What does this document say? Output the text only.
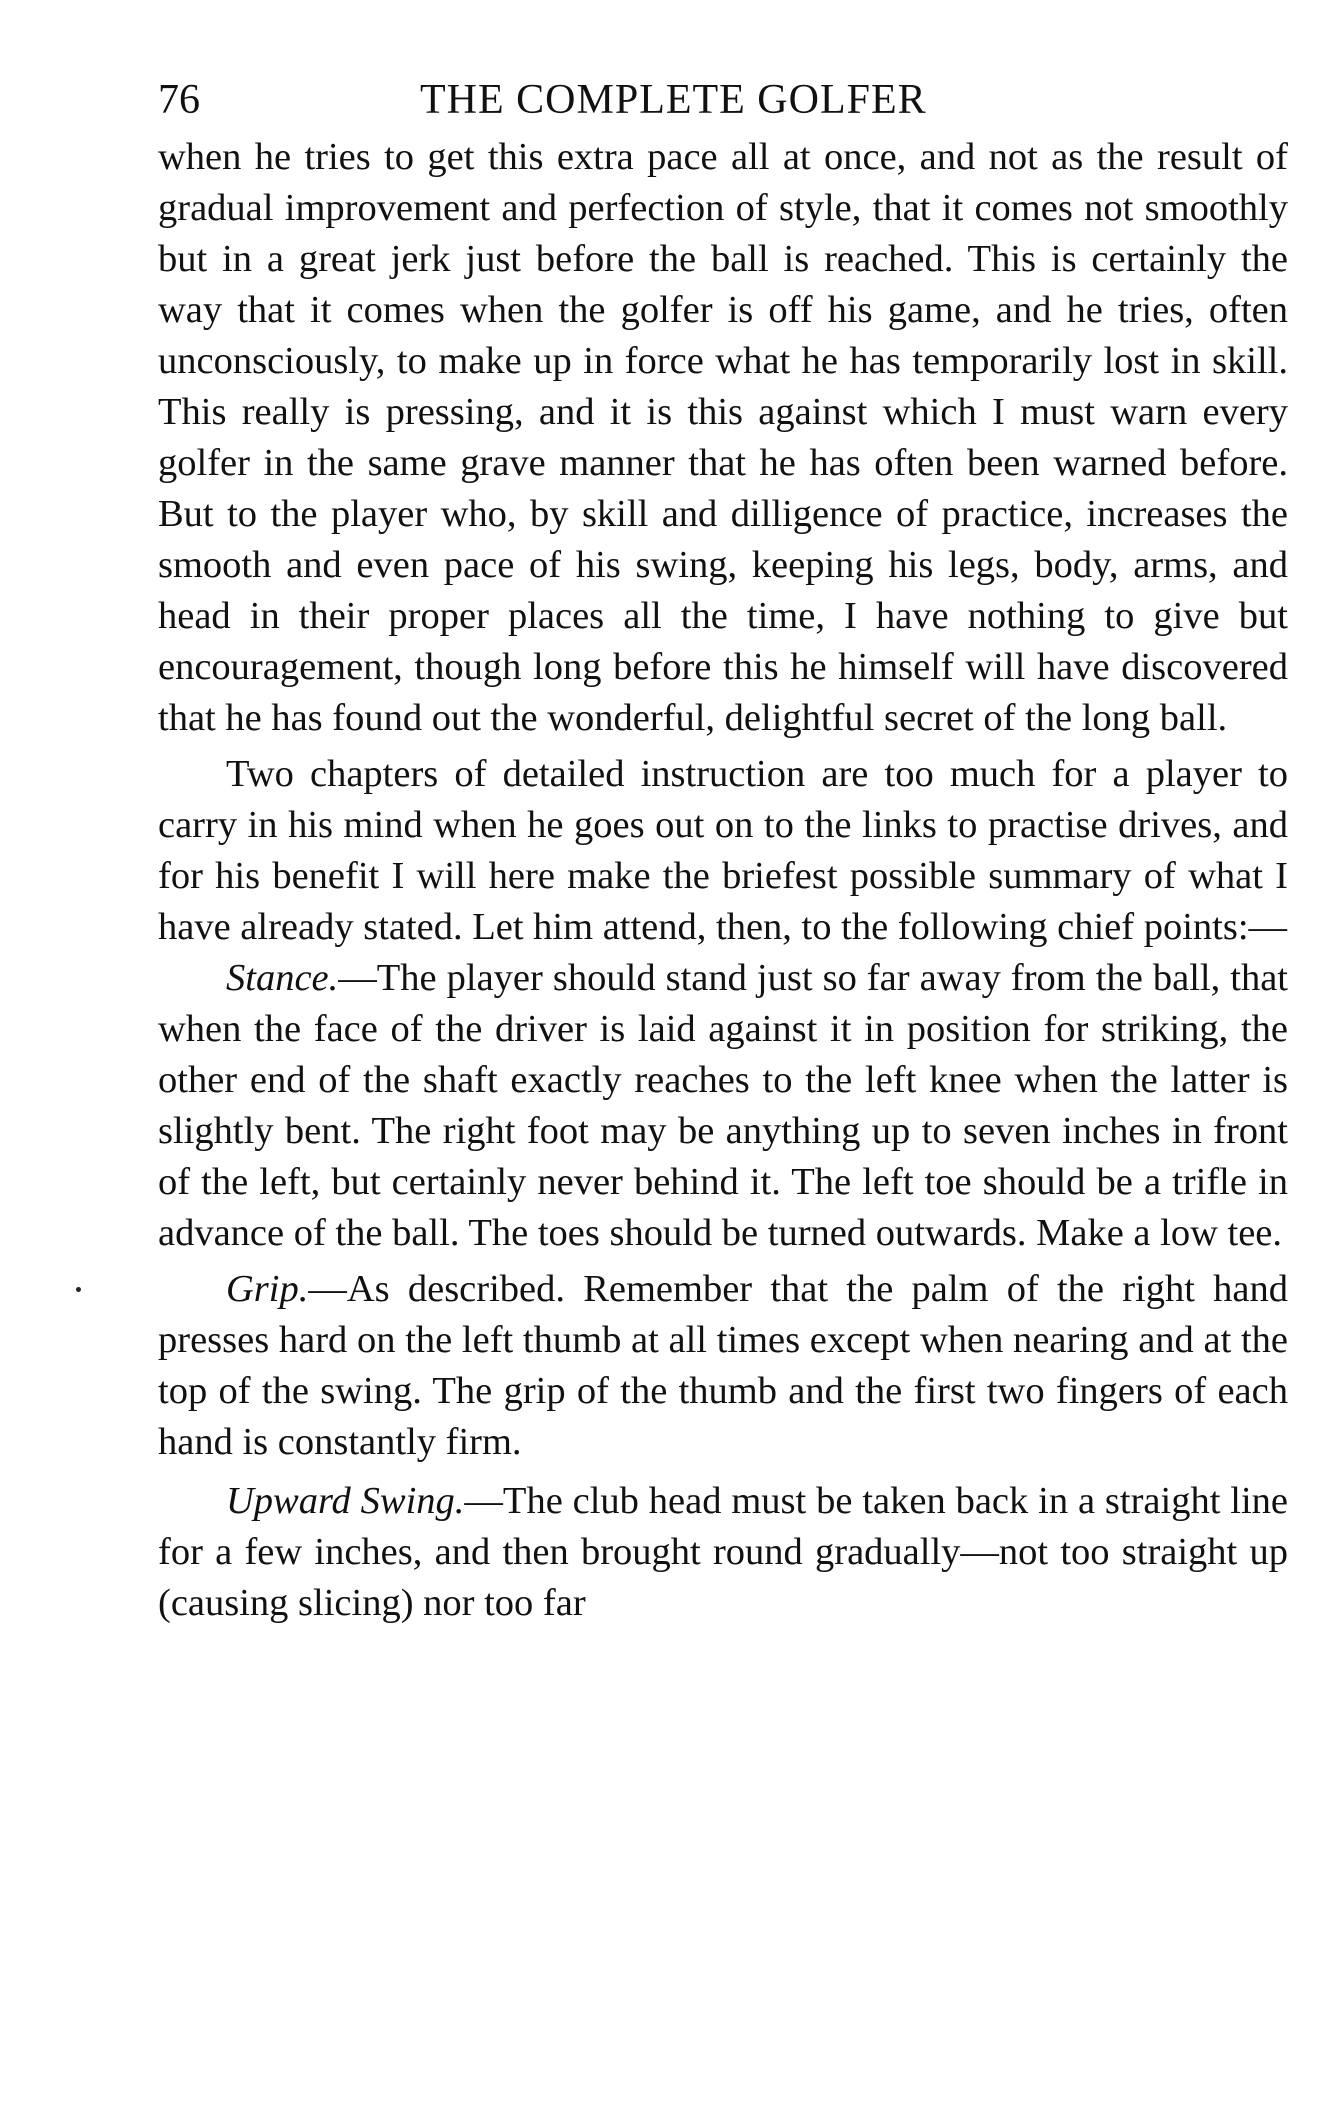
76	THE COMPLETE GOLFER

when he tries to get this extra pace all at once, and not as the result of gradual improvement and perfection of style, that it comes not smoothly but in a great jerk just before the ball is reached. This is certainly the way that it comes when the golfer is off his game, and he tries, often unconsciously, to make up in force what he has temporarily lost in skill. This really is pressing, and it is this against which I must warn every golfer in the same grave manner that he has often been warned before. But to the player who, by skill and dilligence of practice, increases the smooth and even pace of his swing, keeping his legs, body, arms, and head in their proper places all the time, I have nothing to give but encouragement, though long before this he himself will have discovered that he has found out the wonderful, delightful secret of the long ball.

Two chapters of detailed instruction are too much for a player to carry in his mind when he goes out on to the links to practise drives, and for his benefit I will here make the briefest possible summary of what I have already stated. Let him attend, then, to the following chief points:—

Stance.—The player should stand just so far away from the ball, that when the face of the driver is laid against it in position for striking, the other end of the shaft exactly reaches to the left knee when the latter is slightly bent. The right foot may be anything up to seven inches in front of the left, but certainly never behind it. The left toe should be a trifle in advance of the ball. The toes should be turned outwards. Make a low tee.

Grip.—As described. Remember that the palm of the right hand presses hard on the left thumb at all times except when nearing and at the top of the swing. The grip of the thumb and the first two fingers of each hand is constantly firm.

Upward Swing.—The club head must be taken back in a straight line for a few inches, and then brought round gradually—not too straight up (causing slicing) nor too far
